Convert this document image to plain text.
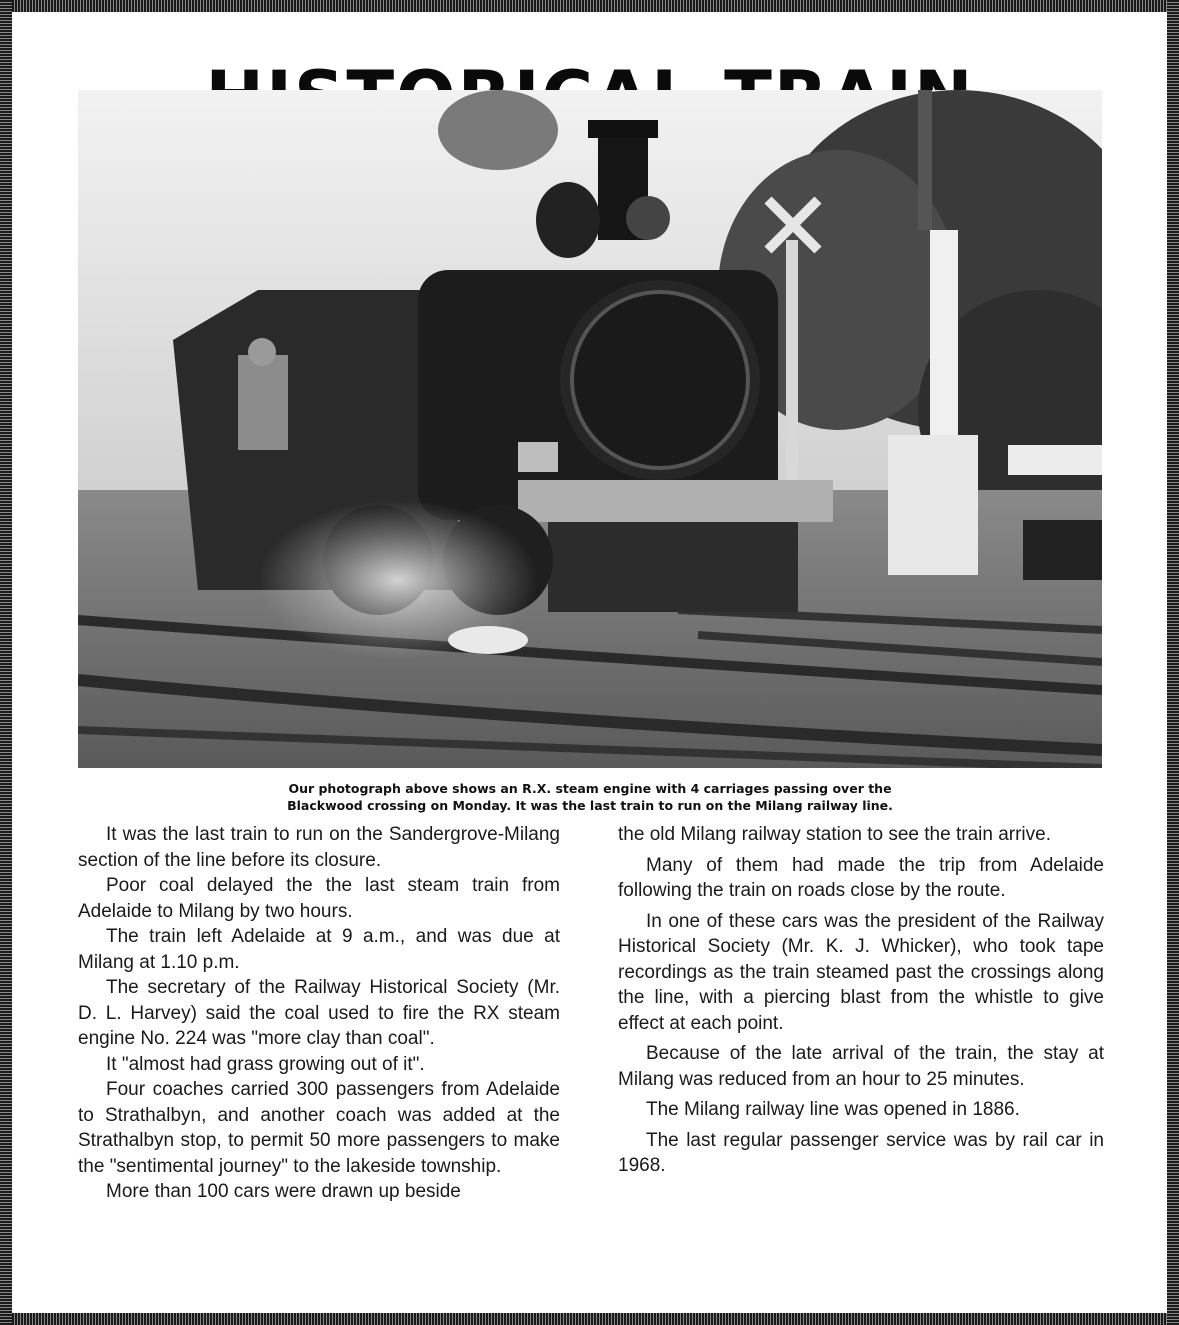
Our photograph above shows an R.X. steam engine with 4 carriages passing over the
Blackwood crossing on Monday. It was the last train to run on the Milang railway line.

It was the last train to run on the Sandergrove-Milang section of the line before its closure.

Poor coal delayed the the last steam train from Adelaide to Milang by two hours.

The train left Adelaide at 9 a.m., and was due at Milang at 1.10 p.m.

The secretary of the Railway Historical Society (Mr. D. L. Harvey) said the coal used to fire the RX steam engine No. 224 was "more clay than coal".

It "almost had grass growing out of it".

Four coaches carried 300 passengers from Adelaide to Strathalbyn, and another coach was added at the Strathalbyn stop, to permit 50 more passengers to make the "sentimental journey" to the lakeside township.

More than 100 cars were drawn up beside

the old Milang railway station to see the train arrive.

Many of them had made the trip from Adelaide following the train on roads close by the route.

In one of these cars was the president of the Railway Historical Society (Mr. K. J. Whicker), who took tape recordings as the train steamed past the crossings along the line, with a piercing blast from the whistle to give effect at each point.

Because of the late arrival of the train, the stay at Milang was reduced from an hour to 25 minutes.

The Milang railway line was opened in 1886.

The last regular passenger service was by rail car in 1968.
